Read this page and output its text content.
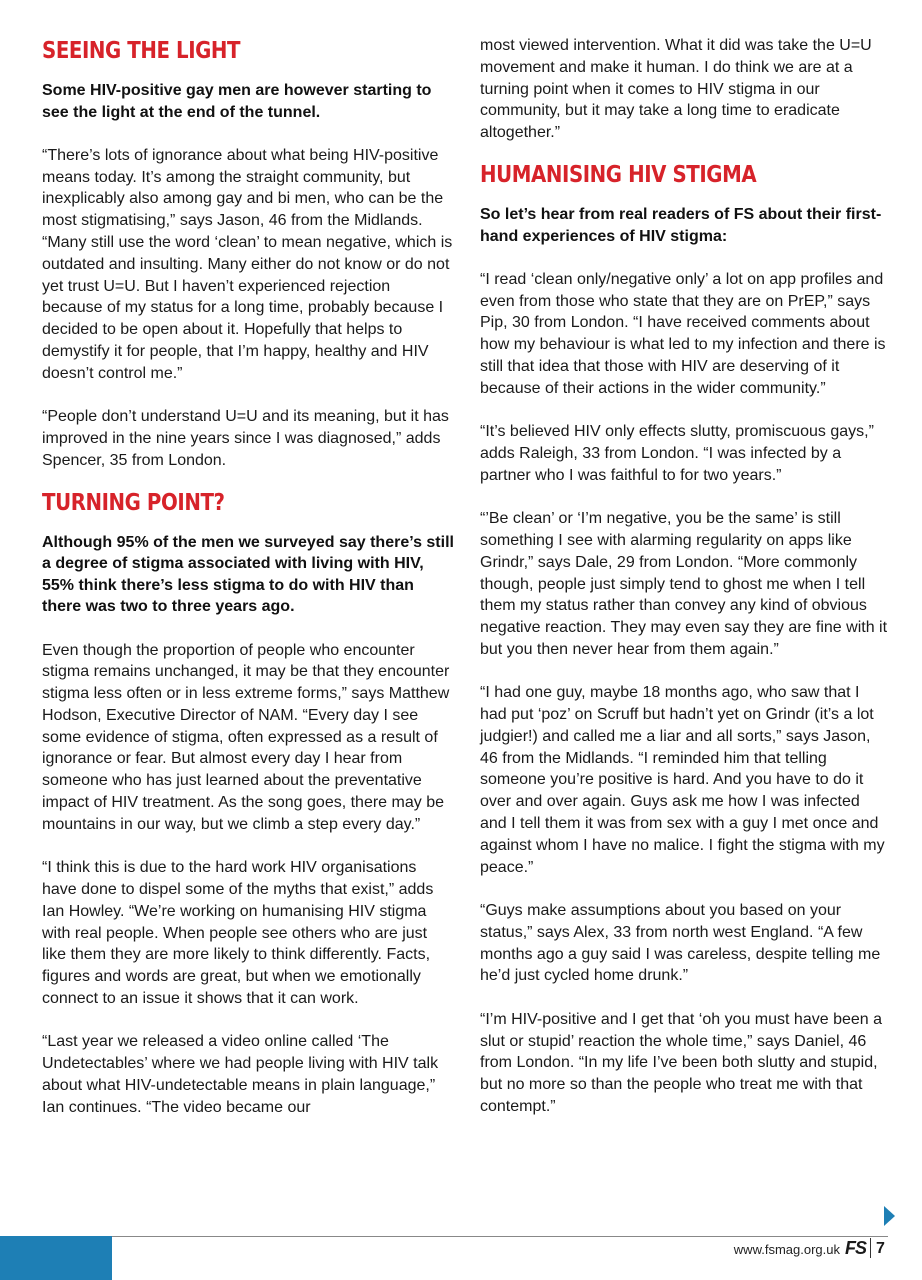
SEEING THE LIGHT

Some HIV-positive gay men are however starting to see the light at the end of the tunnel.

“There’s lots of ignorance about what being HIV-positive means today. It’s among the straight community, but inexplicably also among gay and bi men, who can be the most stigmatising,” says Jason, 46 from the Midlands. “Many still use the word ‘clean’ to mean negative, which is outdated and insulting. Many either do not know or do not yet trust U=U. But I haven’t experienced rejection because of my status for a long time, probably because I decided to be open about it. Hopefully that helps to demystify it for people, that I’m happy, healthy and HIV doesn’t control me.”

“People don’t understand U=U and its meaning, but it has improved in the nine years since I was diagnosed,” adds Spencer, 35 from London.

TURNING POINT?

Although 95% of the men we surveyed say there’s still a degree of stigma associated with living with HIV, 55% think there’s less stigma to do with HIV than there was two to three years ago.

Even though the proportion of people who encounter stigma remains unchanged, it may be that they encounter stigma less often or in less extreme forms,” says Matthew Hodson, Executive Director of NAM. “Every day I see some evidence of stigma, often expressed as a result of ignorance or fear. But almost every day I hear from someone who has just learned about the preventative impact of HIV treatment. As the song goes, there may be mountains in our way, but we climb a step every day.”

“I think this is due to the hard work HIV organisations have done to dispel some of the myths that exist,” adds Ian Howley. “We’re working on humanising HIV stigma with real people. When people see others who are just like them they are more likely to think differently. Facts, figures and words are great, but when we emotionally connect to an issue it shows that it can work.

“Last year we released a video online called ‘The Undetectables’ where we had people living with HIV talk about what HIV-undetectable means in plain language,” Ian continues. “The video became our

most viewed intervention. What it did was take the U=U movement and make it human. I do think we are at a turning point when it comes to HIV stigma in our community, but it may take a long time to eradicate altogether.”

HUMANISING HIV STIGMA

So let’s hear from real readers of FS about their first-hand experiences of HIV stigma:

“I read ‘clean only/negative only’ a lot on app profiles and even from those who state that they are on PrEP,” says Pip, 30 from London. “I have received comments about how my behaviour is what led to my infection and there is still that idea that those with HIV are deserving of it because of their actions in the wider community.”

“It’s believed HIV only effects slutty, promiscuous gays,” adds Raleigh, 33 from London. “I was infected by a partner who I was faithful to for two years.”

“’Be clean’ or ‘I’m negative, you be the same’ is still something I see with alarming regularity on apps like Grindr,” says Dale, 29 from London. “More commonly though, people just simply tend to ghost me when I tell them my status rather than convey any kind of obvious negative reaction. They may even say they are fine with it but you then never hear from them again.”

“I had one guy, maybe 18 months ago, who saw that I had put ‘poz’ on Scruff but hadn’t yet on Grindr (it’s a lot judgier!) and called me a liar and all sorts,” says Jason, 46 from the Midlands. “I reminded him that telling someone you’re positive is hard. And you have to do it over and over again. Guys ask me how I was infected and I tell them it was from sex with a guy I met once and against whom I have no malice. I fight the stigma with my peace.”

“Guys make assumptions about you based on your status,” says Alex, 33 from north west England. “A few months ago a guy said I was careless, despite telling me he’d just cycled home drunk.”

“I’m HIV-positive and I get that ‘oh you must have been a slut or stupid’ reaction the whole time,” says Daniel, 46 from London. “In my life I’ve been both slutty and stupid, but no more so than the people who treat me with that contempt.”

www.fsmag.org.uk FS 7
